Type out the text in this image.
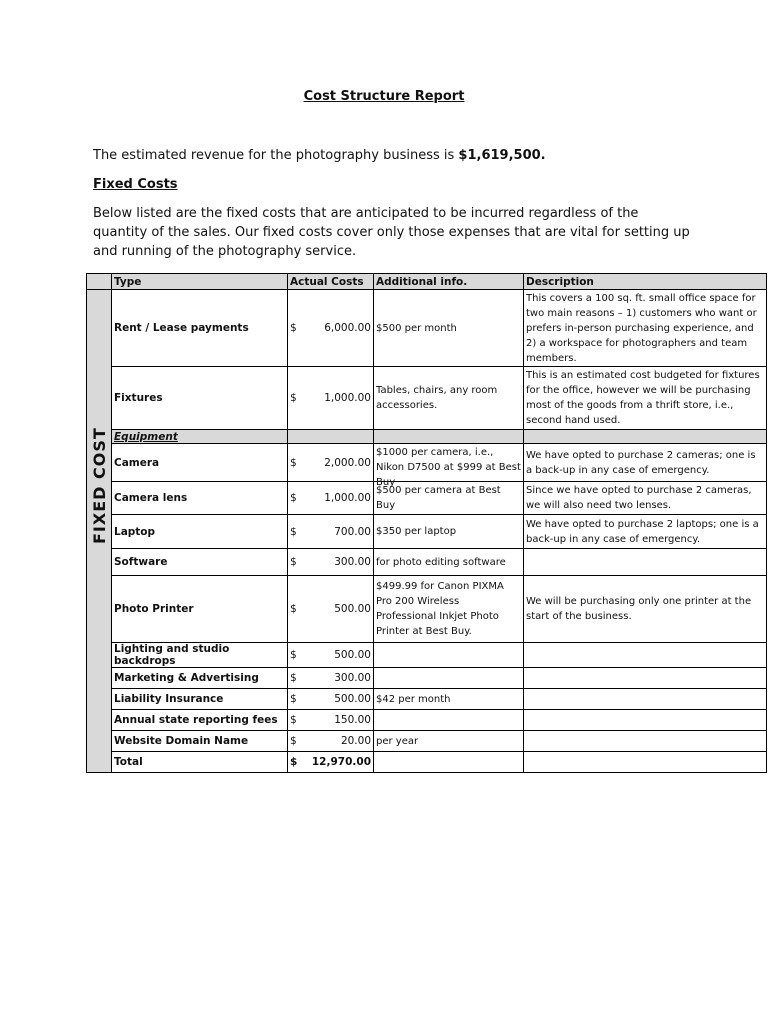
Cost Structure Report
The estimated revenue for the photography business is $1,619,500.
Fixed Costs
Below listed are the fixed costs that are anticipated to be incurred regardless of the quantity of the sales. Our fixed costs cover only those expenses that are vital for setting up and running of the photography service.
	Type	Actual Costs	Additional info.	Description

FIXED COST	Rent / Lease payments	$ 6,000.00	$500 per month	This covers a 100 sq. ft. small office space for two main reasons – 1) customers who want or prefers in-person purchasing experience, and 2) a workspace for photographers and team members.
	Fixtures	$ 1,000.00	Tables, chairs, any room accessories.	This is an estimated cost budgeted for fixtures for the office, however we will be purchasing most of the goods from a thrift store, i.e., second hand used.
	Equipment			
	Camera	$ 2,000.00	$1000 per camera, i.e., Nikon D7500 at $999 at Best Buy	We have opted to purchase 2 cameras; one is a back-up in any case of emergency.
	Camera lens	$ 1,000.00	$500 per camera at Best Buy	Since we have opted to purchase 2 cameras, we will also need two lenses.
	Laptop	$ 700.00	$350 per laptop	We have opted to purchase 2 laptops; one is a back-up in any case of emergency.
	Software	$ 300.00	for photo editing software	
	Photo Printer	$ 500.00	$499.99 for Canon PIXMA Pro 200 Wireless Professional Inkjet Photo Printer at Best Buy.	We will be purchasing only one printer at the start of the business.
	Lighting and studio backdrops	$ 500.00		

	Marketing & Advertising	$ 300.00		

	Liability Insurance	$ 500.00	$42 per month	
	Annual state reporting fees	$ 150.00		

	Website Domain Name	$ 20.00	per year	
	Total	$ 12,970.00		
